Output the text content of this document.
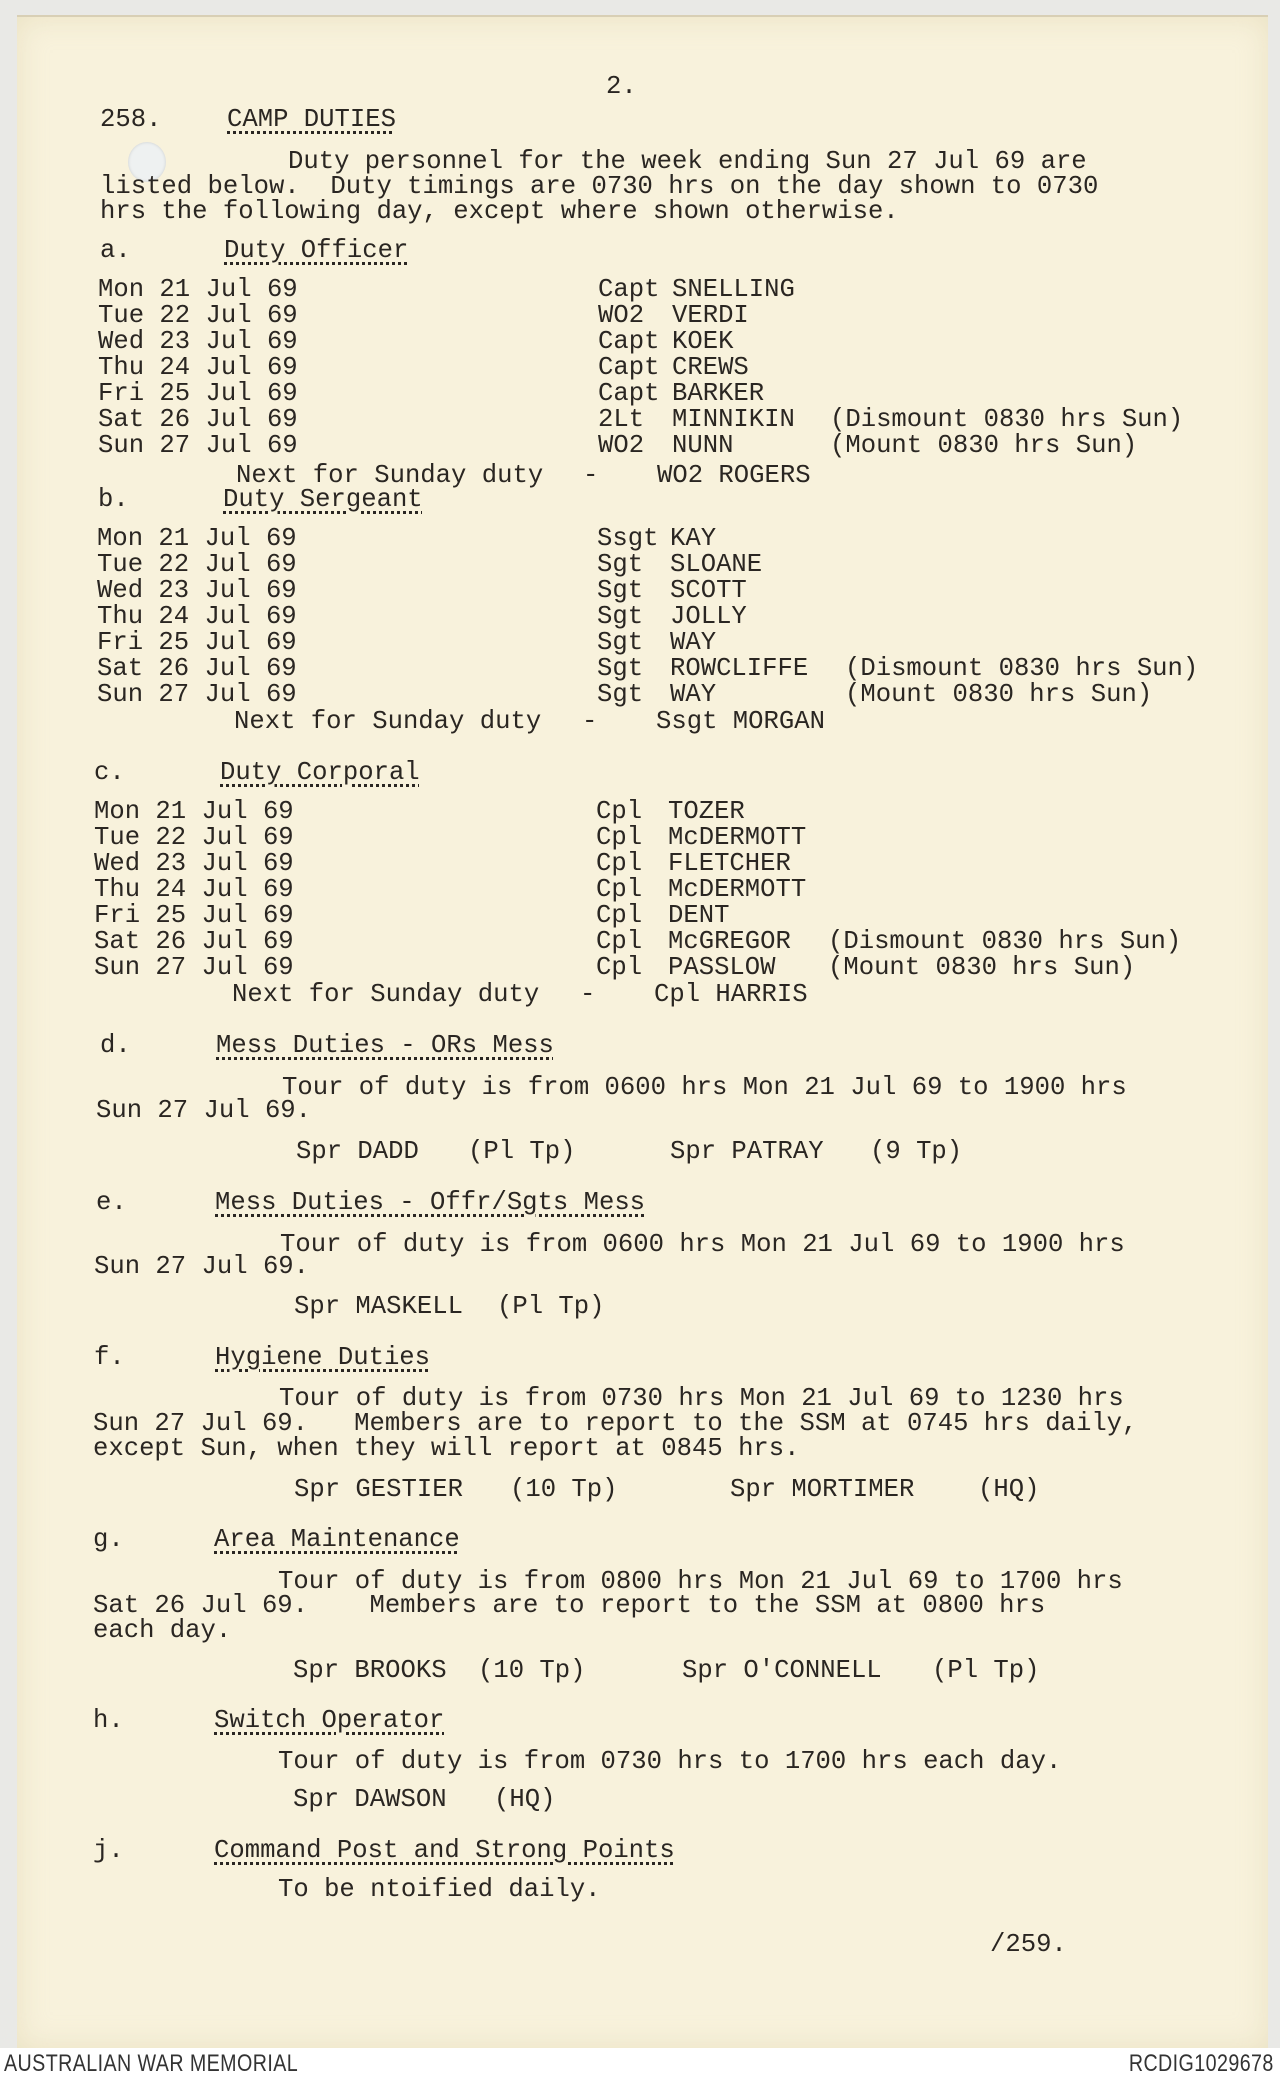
2.
258.	CAMP DUTIES
Duty personnel for the week ending Sun 27 Jul 69 are
listed below.  Duty timings are 0730 hrs on the day shown to 0730
hrs the following day, except where shown otherwise.
a.	Duty Officer
Mon 21 Jul 69	Capt SNELLING
Tue 22 Jul 69	WO2 VERDI
Wed 23 Jul 69	Capt KOEK
Thu 24 Jul 69	Capt CREWS
Fri 25 Jul 69	Capt BARKER
Sat 26 Jul 69	2Lt MINNIKIN (Dismount 0830 hrs Sun)
Sun 27 Jul 69	WO2 NUNN	(Mount 0830 hrs Sun)
Next for Sunday duty - WO2 ROGERS
b.	Duty Sergeant
Mon 21 Jul 69	Ssgt KAY
Tue 22 Jul 69	Sgt SLOANE
Wed 23 Jul 69	Sgt SCOTT
Thu 24 Jul 69	Sgt JOLLY
Fri 25 Jul 69	Sgt WAY
Sat 26 Jul 69	Sgt ROWCLIFFE (Dismount 0830 hrs Sun)
Sun 27 Jul 69	Sgt WAY	(Mount 0830 hrs Sun)
Next for Sunday duty - Ssgt MORGAN
c.	Duty Corporal
Mon 21 Jul 69	Cpl TOZER
Tue 22 Jul 69	Cpl McDERMOTT
Wed 23 Jul 69	Cpl FLETCHER
Thu 24 Jul 69	Cpl McDERMOTT
Fri 25 Jul 69	Cpl DENT
Sat 26 Jul 69	Cpl McGREGOR (Dismount 0830 hrs Sun)
Sun 27 Jul 69	Cpl PASSLOW (Mount 0830 hrs Sun)
Next for Sunday duty - Cpl HARRIS
d.	Mess Duties - ORs Mess
Tour of duty is from 0600 hrs Mon 21 Jul 69 to 1900 hrs
Sun 27 Jul 69.
Spr DADD (Pl Tp)	Spr PATRAY (9 Tp)
e.	Mess Duties - Offr/Sgts Mess
Tour of duty is from 0600 hrs Mon 21 Jul 69 to 1900 hrs
Sun 27 Jul 69.
Spr MASKELL (Pl Tp)
f.	Hygiene Duties
Tour of duty is from 0730 hrs Mon 21 Jul 69 to 1230 hrs
Sun 27 Jul 69.   Members are to report to the SSM at 0745 hrs daily,
except Sun, when they will report at 0845 hrs.
Spr GESTIER (10 Tp)	Spr MORTIMER (HQ)
g.	Area Maintenance
Tour of duty is from 0800 hrs Mon 21 Jul 69 to 1700 hrs
Sat 26 Jul 69.    Members are to report to the SSM at 0800 hrs
each day.
Spr BROOKS (10 Tp)	Spr O'CONNELL (Pl Tp)
h.	Switch Operator
Tour of duty is from 0730 hrs to 1700 hrs each day.
Spr DAWSON (HQ)
j.	Command Post and Strong Points
To be ntoified daily.
/259.
AUSTRALIAN WAR MEMORIAL	RCDIG1029678
